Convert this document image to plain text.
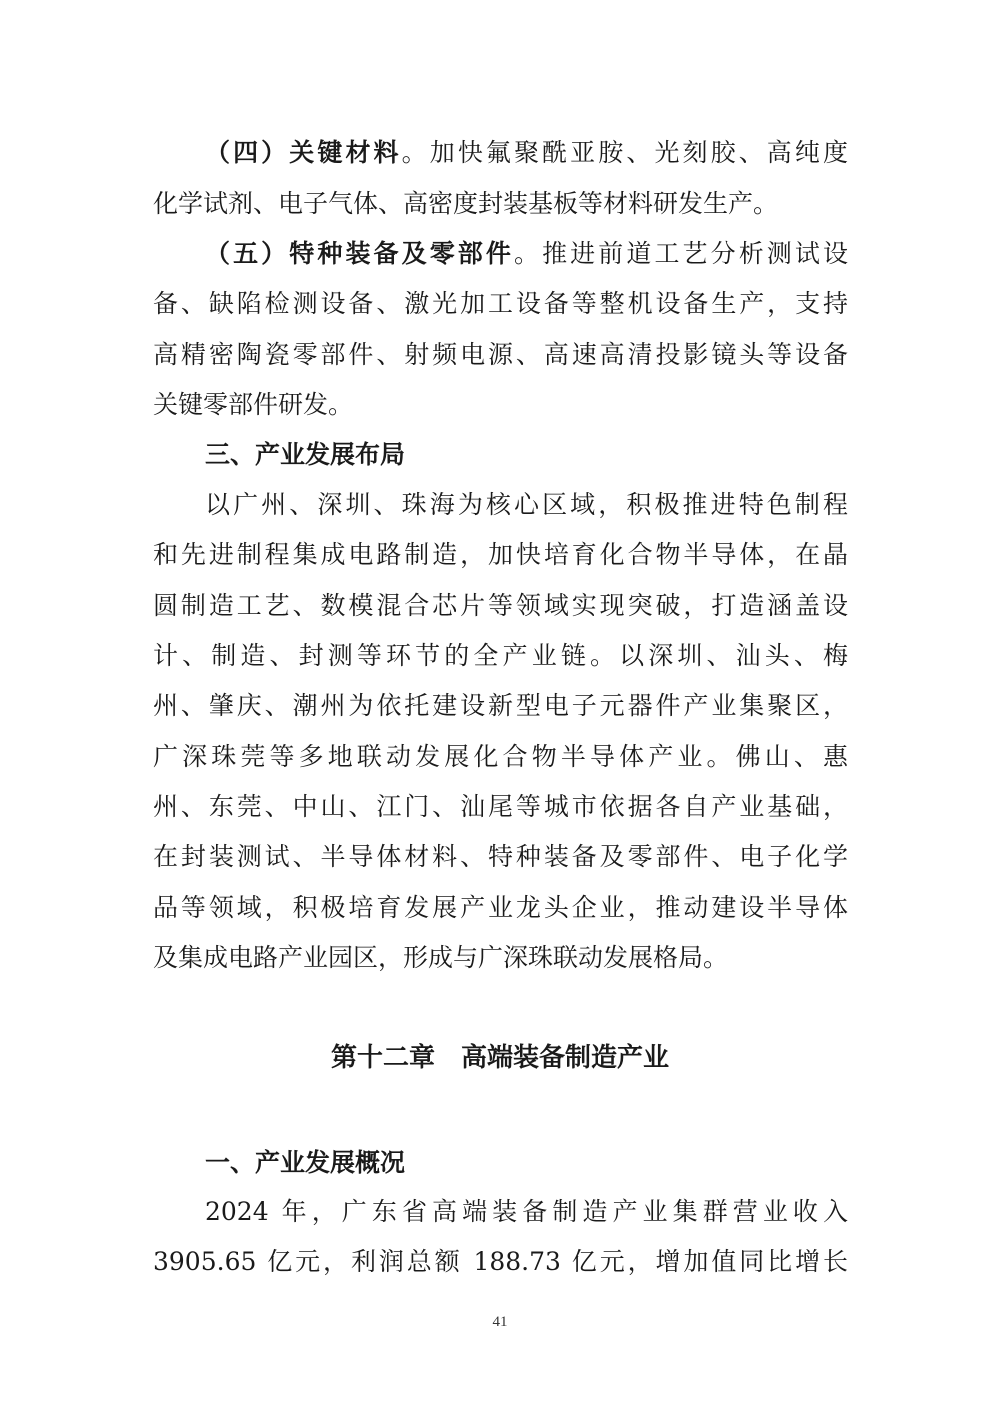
（四）关键材料。加快氟聚酰亚胺、光刻胶、高纯度
化学试剂、电子气体、高密度封装基板等材料研发生产。
（五）特种装备及零部件。推进前道工艺分析测试设
备、缺陷检测设备、激光加工设备等整机设备生产，支持
高精密陶瓷零部件、射频电源、高速高清投影镜头等设备
关键零部件研发。
三、产业发展布局
以广州、深圳、珠海为核心区域，积极推进特色制程
和先进制程集成电路制造，加快培育化合物半导体，在晶
圆制造工艺、数模混合芯片等领域实现突破，打造涵盖设
计、制造、封测等环节的全产业链。以深圳、汕头、梅
州、肇庆、潮州为依托建设新型电子元器件产业集聚区，
广深珠莞等多地联动发展化合物半导体产业。佛山、惠
州、东莞、中山、江门、汕尾等城市依据各自产业基础，
在封装测试、半导体材料、特种装备及零部件、电子化学
品等领域，积极培育发展产业龙头企业，推动建设半导体
及集成电路产业园区，形成与广深珠联动发展格局。
第十二章　高端装备制造产业
一、产业发展概况
2024 年，广东省高端装备制造产业集群营业收入
3905.65 亿元，利润总额 188.73 亿元，增加值同比增长
41
